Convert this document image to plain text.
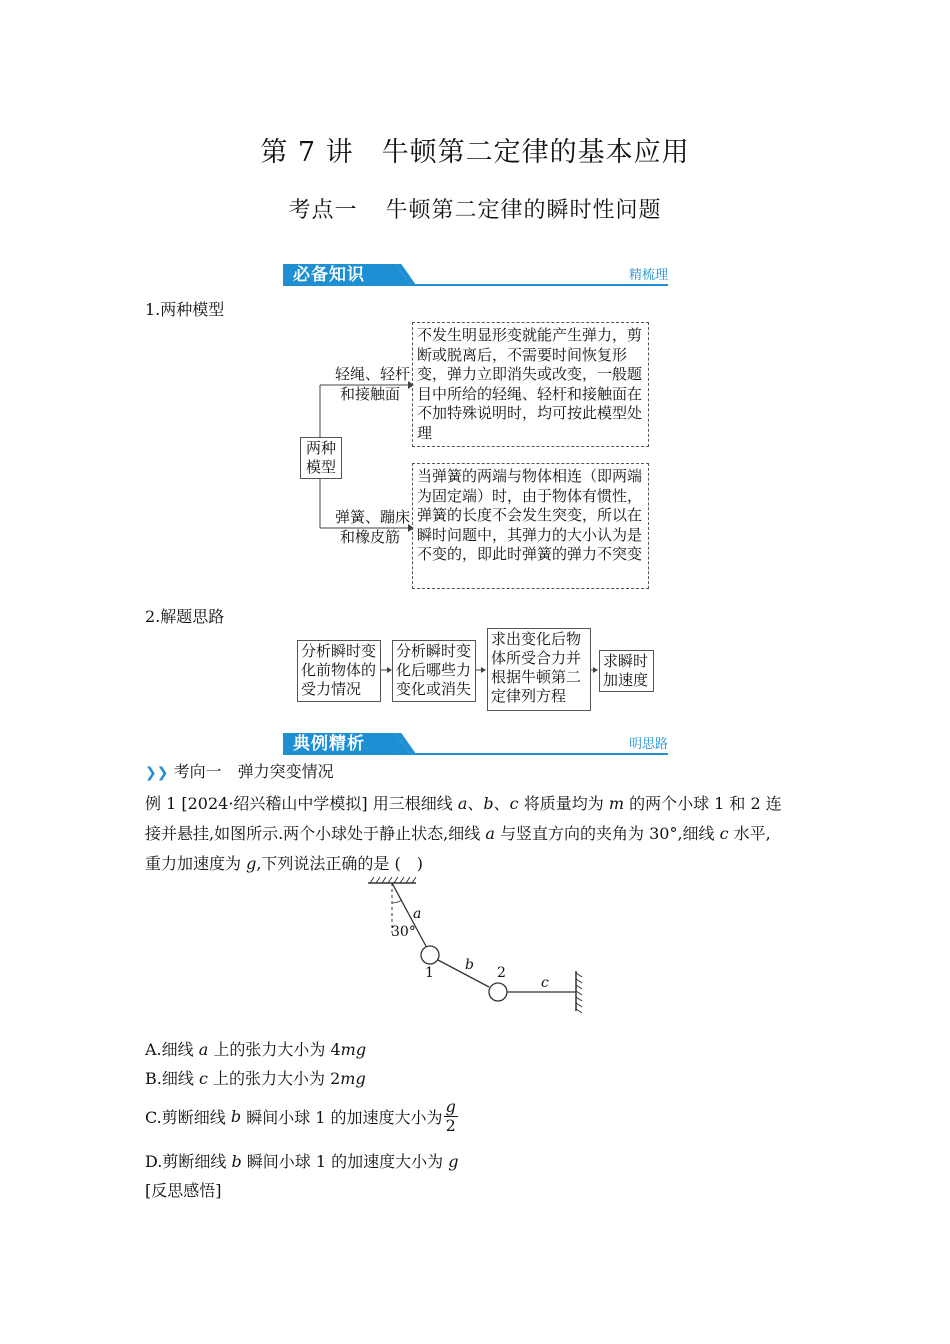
第 7 讲 牛顿第二定律的基本应用
考点一 牛顿第二定律的瞬时性问题
必备知识	精梳理
1.两种模型
两种
模型
轻绳、轻杆
和接触面
不发生明显形变就能产生弹力，剪断或脱离后，不需要时间恢复形变，弹力立即消失或改变，一般题目中所给的轻绳、轻杆和接触面在不加特殊说明时，均可按此模型处理
弹簧、蹦床
和橡皮筋
当弹簧的两端与物体相连（即两端为固定端）时，由于物体有惯性，弹簧的长度不会发生突变，所以在瞬时问题中，其弹力的大小认为是不变的，即此时弹簧的弹力不突变
2.解题思路
分析瞬时变化前物体的受力情况
分析瞬时变化后哪些力变化或消失
求出变化后物体所受合力并根据牛顿第二定律列方程
求瞬时加速度
典例精析	明思路
❯❯ 考向一　弹力突变情况
例 1 [2024·绍兴稽山中学模拟] 用三根细线 a、b、c 将质量均为 m 的两个小球 1 和 2 连
接并悬挂,如图所示.两个小球处于静止状态,细线 a 与竖直方向的夹角为 30°,细线 c 水平,
重力加速度为 g,下列说法正确的是 (　)
a
30°
1 b 2
c
A.细线 a 上的张力大小为 4mg
B.细线 c 上的张力大小为 2mg
C.剪断细线 b 瞬间小球 1 的加速度大小为 $\frac{g}{2}$
D.剪断细线 b 瞬间小球 1 的加速度大小为 g
[反思感悟]
